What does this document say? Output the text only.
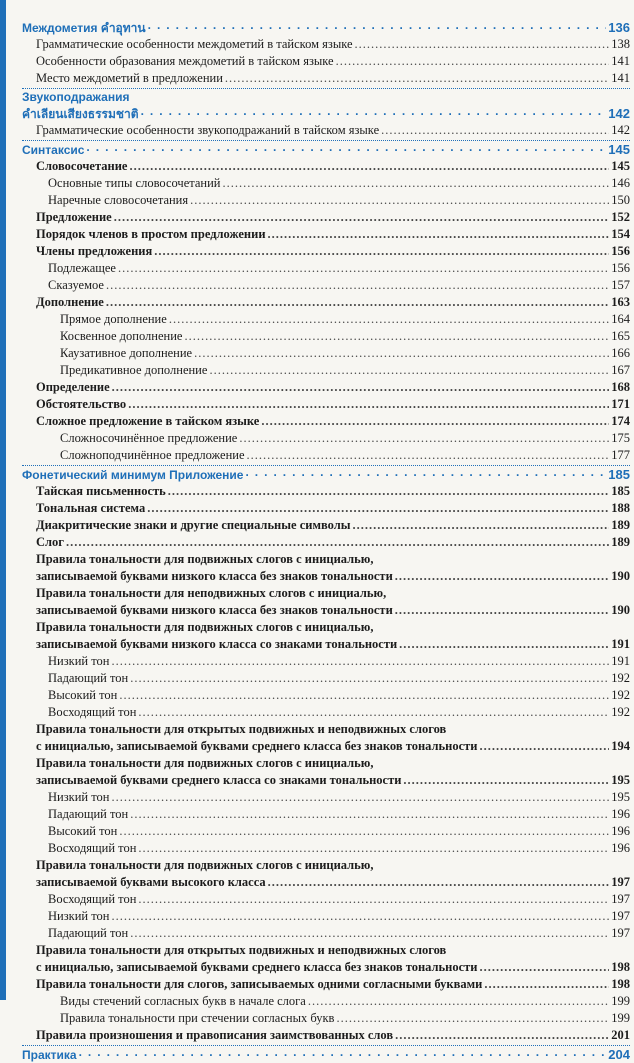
Междометия คำอุทาน · · ·	136
Грамматические особенности междометий в тайском языке .....	138
Особенности образования междометий в тайском языке .....	141
Место междометий в предложении .....	141
Звукоподражания
คำเลียนเสียงธรรมชาติ · · ·	142
Грамматические особенности звукоподражаний в тайском языке .....	142
Синтаксис · · ·	145
Словосочетание .....	145
Основные типы словосочетаний .....	146
Наречные словосочетания .....	150
Предложение .....	152
Порядок членов в простом предложении .....	154
Члены предложения .....	156
Подлежащее .....	156
Сказуемое .....	157
Дополнение .....	163
Прямое дополнение .....	164
Косвенное дополнение .....	165
Каузативное дополнение .....	166
Предикативное дополнение .....	167
Определение .....	168
Обстоятельство .....	171
Сложное предложение в тайском языке .....	174
Сложносочинённое предложение .....	175
Сложноподчинённое предложение .....	177
Фонетический минимум Приложение · · ·	185
Тайская письменность .....	185
Тональная система .....	188
Диакритические знаки и другие специальные символы .....	189
Слог .....	189
Правила тональности для подвижных слогов с инициалью,
записываемой буквами низкого класса без знаков тональности .....	190
Правила тональности для неподвижных слогов с инициалью,
записываемой буквами низкого класса без знаков тональности .....	190
Правила тональности для подвижных слогов с инициалью,
записываемой буквами низкого класса со знаками тональности .....	191
Низкий тон .....	191
Падающий тон .....	192
Высокий тон .....	192
Восходящий тон .....	192
Правила тональности для открытых подвижных и неподвижных слогов
с инициалью, записываемой буквами среднего класса без знаков тональности .....	194
Правила тональности для подвижных слогов с инициалью,
записываемой буквами среднего класса со знаками тональности .....	195
Низкий тон .....	195
Падающий тон .....	196
Высокий тон .....	196
Восходящий тон .....	196
Правила тональности для подвижных слогов с инициалью,
записываемой буквами высокого класса .....	197
Восходящий тон .....	197
Низкий тон .....	197
Падающий тон .....	197
Правила тональности для открытых подвижных и неподвижных слогов
с инициалью, записываемой буквами среднего класса без знаков тональности .....	198
Правила тональности для слогов, записываемых одними согласными буквами .....	198
Виды стечений согласных букв в начале слога .....	199
Правила тональности при стечении согласных букв .....	199
Правила произношения и правописания заимствованных слов .....	201
Практика · · ·	204
